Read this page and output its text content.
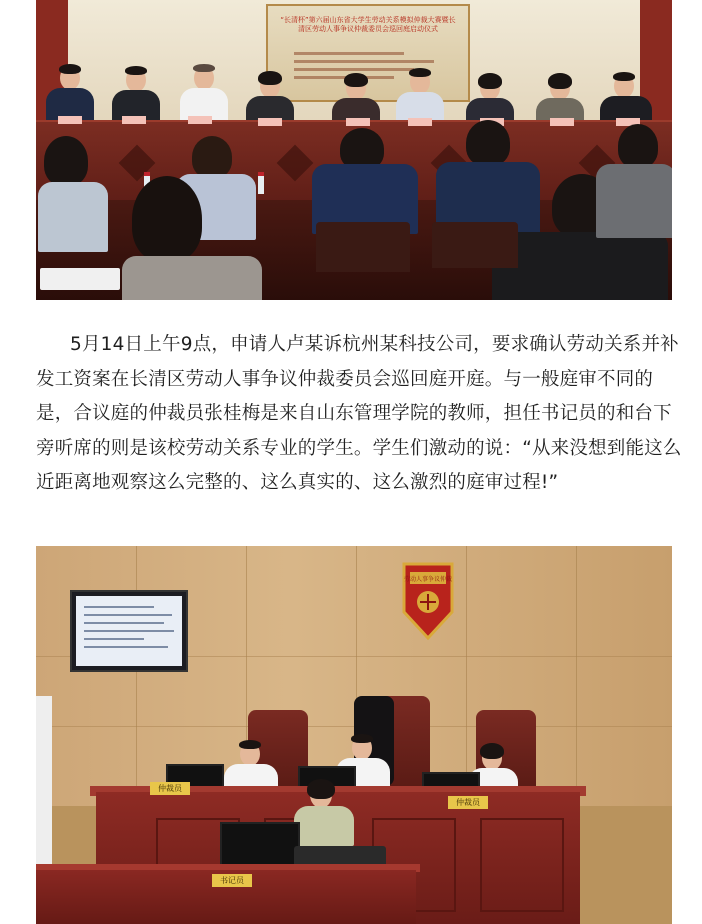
“长清杯”第六届山东省大学生劳动关系模拟仲裁大赛暨长清区劳动人事争议仲裁委员会巡回庭启动仪式

5月14日上午9点，申请人卢某诉杭州某科技公司，要求确认劳动关系并补发工资案在长清区劳动人事争议仲裁委员会巡回庭开庭。与一般庭审不同的是，合议庭的仲裁员张桂梅是来自山东管理学院的教师，担任书记员的和台下旁听席的则是该校劳动关系专业的学生。学生们激动的说：“从来没想到能这么近距离地观察这么完整的、这么真实的、这么激烈的庭审过程!”

劳动人事争议仲裁
仲裁员
仲裁员
书记员
